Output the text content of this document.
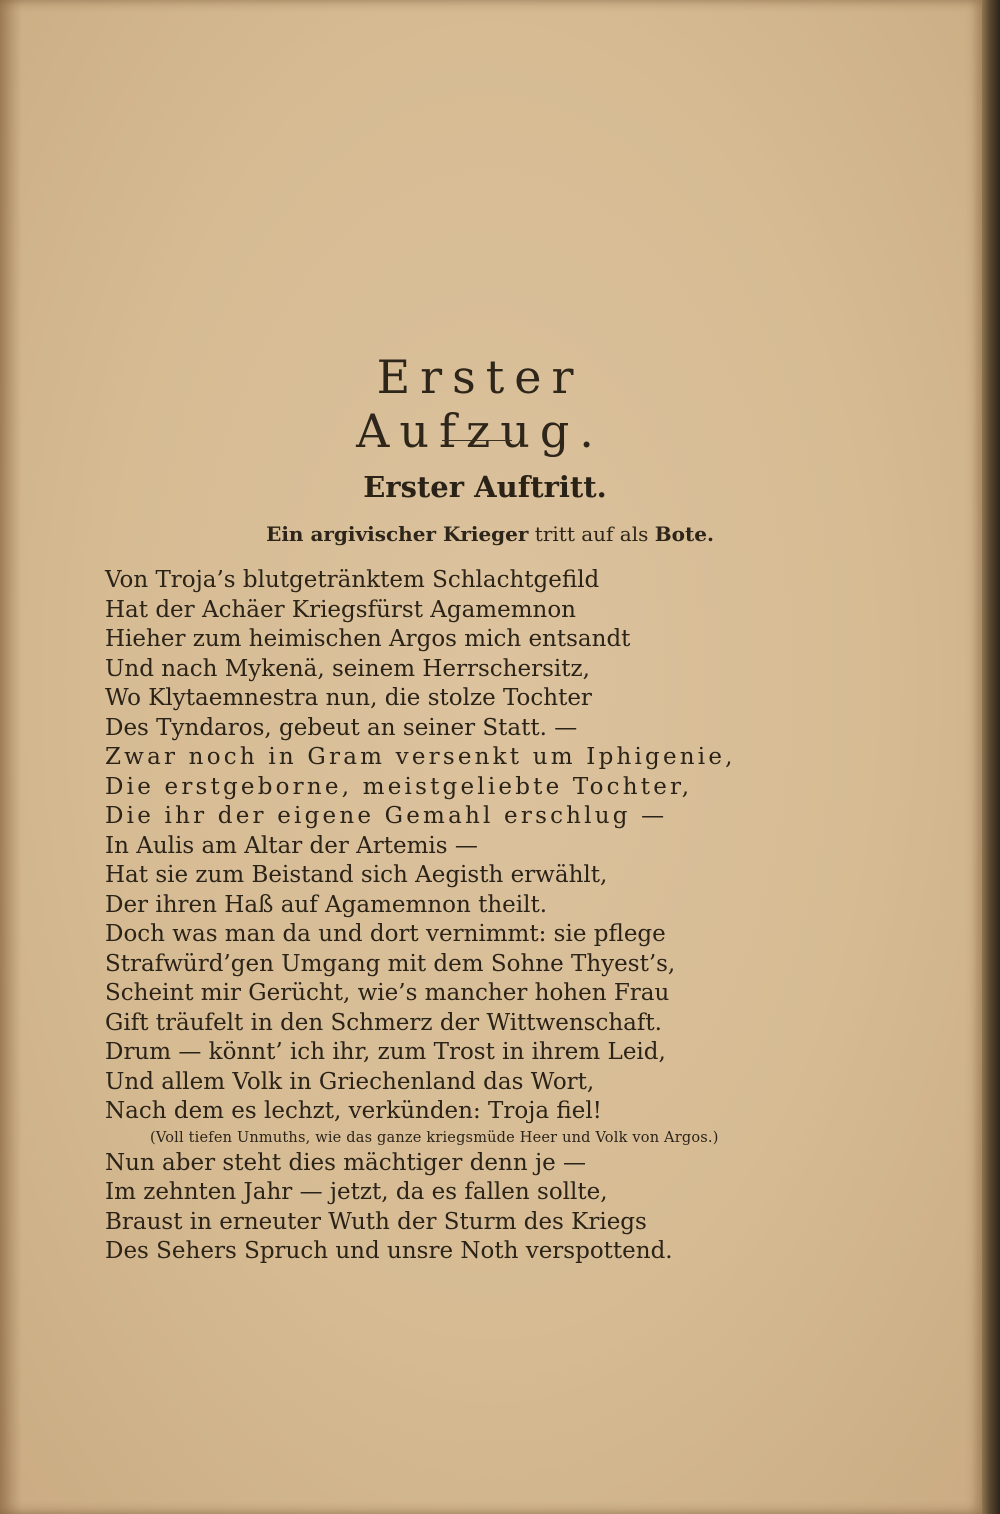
Erster Aufzug.
Erster Auftritt.
Ein argivischer Krieger tritt auf als Bote.
Von Troja’s blutgetränktem Schlachtgefild
Hat der Achäer Kriegsfürst Agamemnon
Hieher zum heimischen Argos mich entsandt
Und nach Mykenä, seinem Herrschersitz,
Wo Klytaemnestra nun, die stolze Tochter
Des Tyndaros, gebeut an seiner Statt. —
Zwar noch in Gram versenkt um Iphigenie,
Die erstgeborne, meistgeliebte Tochter,
Die ihr der eigene Gemahl erschlug —
In Aulis am Altar der Artemis —
Hat sie zum Beistand sich Aegisth erwählt,
Der ihren Haß auf Agamemnon theilt.
Doch was man da und dort vernimmt: sie pflege
Strafwürd’gen Umgang mit dem Sohne Thyest’s,
Scheint mir Gerücht, wie’s mancher hohen Frau
Gift träufelt in den Schmerz der Wittwenschaft.
Drum — könnt’ ich ihr, zum Trost in ihrem Leid,
Und allem Volk in Griechenland das Wort,
Nach dem es lechzt, verkünden: Troja fiel!
(Voll tiefen Unmuths, wie das ganze kriegsmüde Heer und Volk von Argos.)
Nun aber steht dies mächtiger denn je —
Im zehnten Jahr — jetzt, da es fallen sollte,
Braust in erneuter Wuth der Sturm des Kriegs
Des Sehers Spruch und unsre Noth verspottend.
